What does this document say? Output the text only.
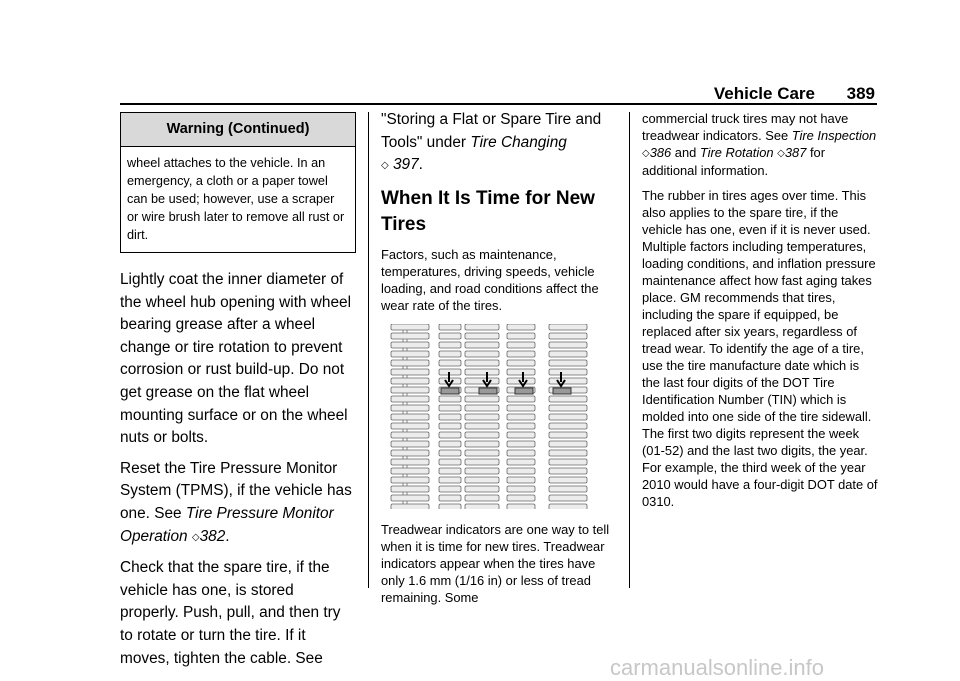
Vehicle Care 389
Warning (Continued)
wheel attaches to the vehicle. In an emergency, a cloth or a paper towel can be used; however, use a scraper or wire brush later to remove all rust or dirt.

Lightly coat the inner diameter of the wheel hub opening with wheel bearing grease after a wheel change or tire rotation to prevent corrosion or rust build-up. Do not get grease on the flat wheel mounting surface or on the wheel nuts or bolts.

Reset the Tire Pressure Monitor System (TPMS), if the vehicle has one. See Tire Pressure Monitor Operation ◇382.

Check that the spare tire, if the vehicle has one, is stored properly. Push, pull, and then try to rotate or turn the tire. If it moves, tighten the cable. See

"Storing a Flat or Spare Tire and Tools" under Tire Changing
◇ 397.

When It Is Time for New Tires

Factors, such as maintenance, temperatures, driving speeds, vehicle loading, and road conditions affect the wear rate of the tires.

Treadwear indicators are one way to tell when it is time for new tires. Treadwear indicators appear when the tires have only 1.6 mm (1/16 in) or less of tread remaining. Some

commercial truck tires may not have treadwear indicators. See Tire Inspection ◇386 and Tire Rotation ◇387 for additional information.

The rubber in tires ages over time. This also applies to the spare tire, if the vehicle has one, even if it is never used. Multiple factors including temperatures, loading conditions, and inflation pressure maintenance affect how fast aging takes place. GM recommends that tires, including the spare if equipped, be replaced after six years, regardless of tread wear. To identify the age of a tire, use the tire manufacture date which is the last four digits of the DOT Tire Identification Number (TIN) which is molded into one side of the tire sidewall. The first two digits represent the week (01-52) and the last two digits, the year. For example, the third week of the year 2010 would have a four-digit DOT date of 0310.

carmanualsonline.info
